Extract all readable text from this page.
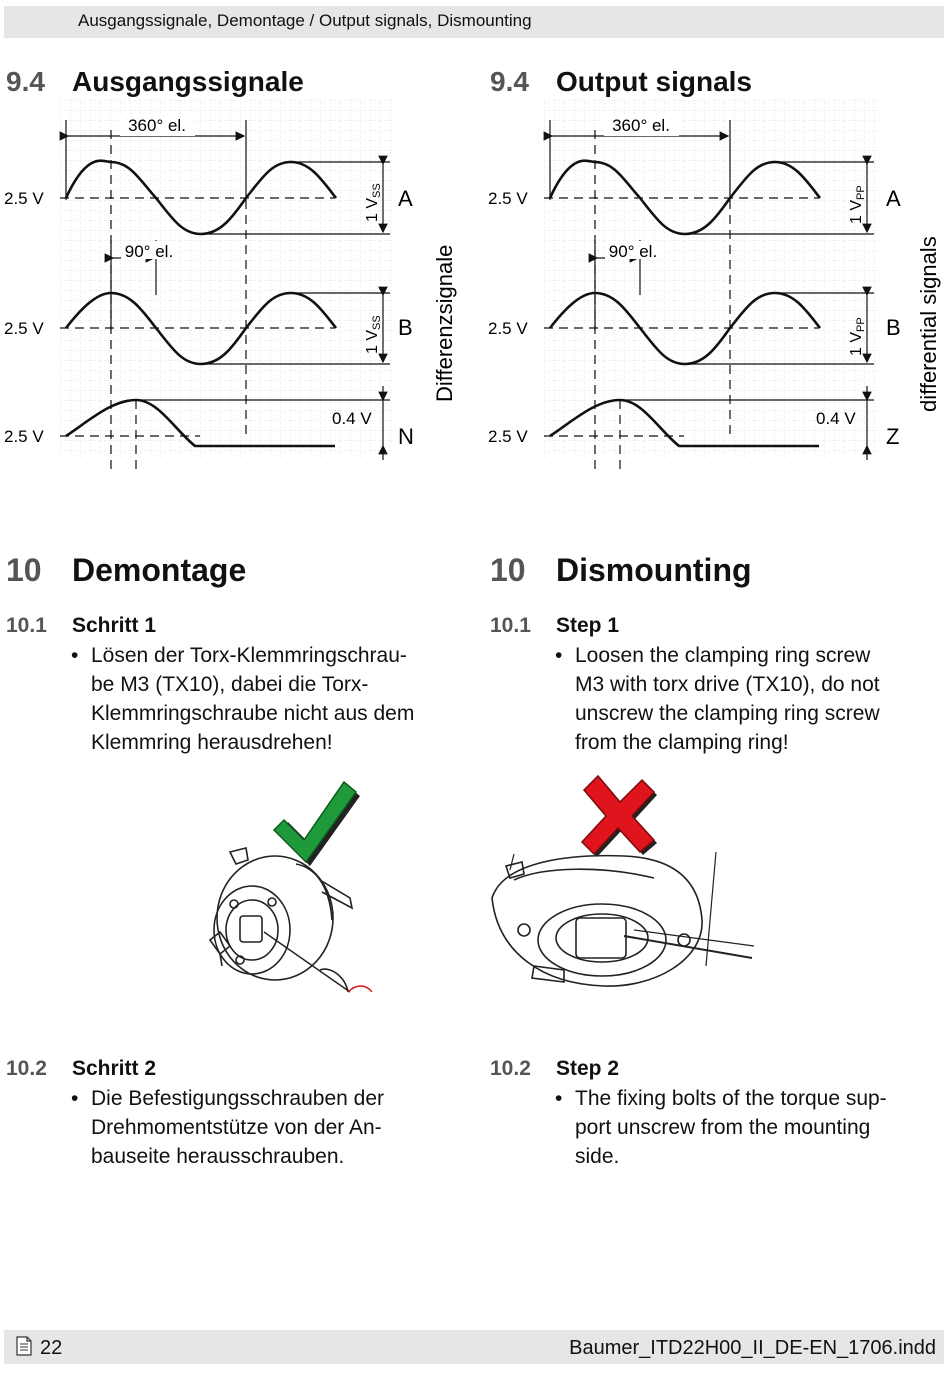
Ausgangssignale, Demontage / Output signals, Dismounting
9.4 Ausgangssignale	9.4 Output signals
360° el.
90° el.
1 VSS
1 VSS
0.4 V
2.5 V
2.5 V
2.5 V
A
B
N
Differenzsignale
360° el.
90° el.
1 VPP
1 VPP
0.4 V
2.5 V
2.5 V
2.5 V
A
B
Z
differential signals
10 Demontage	10 Dismounting
10.1 Schritt 1	10.1 Step 1
• Lösen der Torx-Klemmringschrau-
be M3 (TX10), dabei die Torx-
Klemmringschraube nicht aus dem
Klemmring herausdrehen!
• Loosen the clamping ring screw
M3 with torx drive (TX10), do not
unscrew the clamping ring screw
from the clamping ring!
10.2 Schritt 2	10.2 Step 2
• Die Befestigungsschrauben der
Drehmomentstütze von der An-
bauseite herausschrauben.
• The fixing bolts of the torque sup-
port unscrew from the mounting
side.
22	Baumer_ITD22H00_II_DE-EN_1706.indd
